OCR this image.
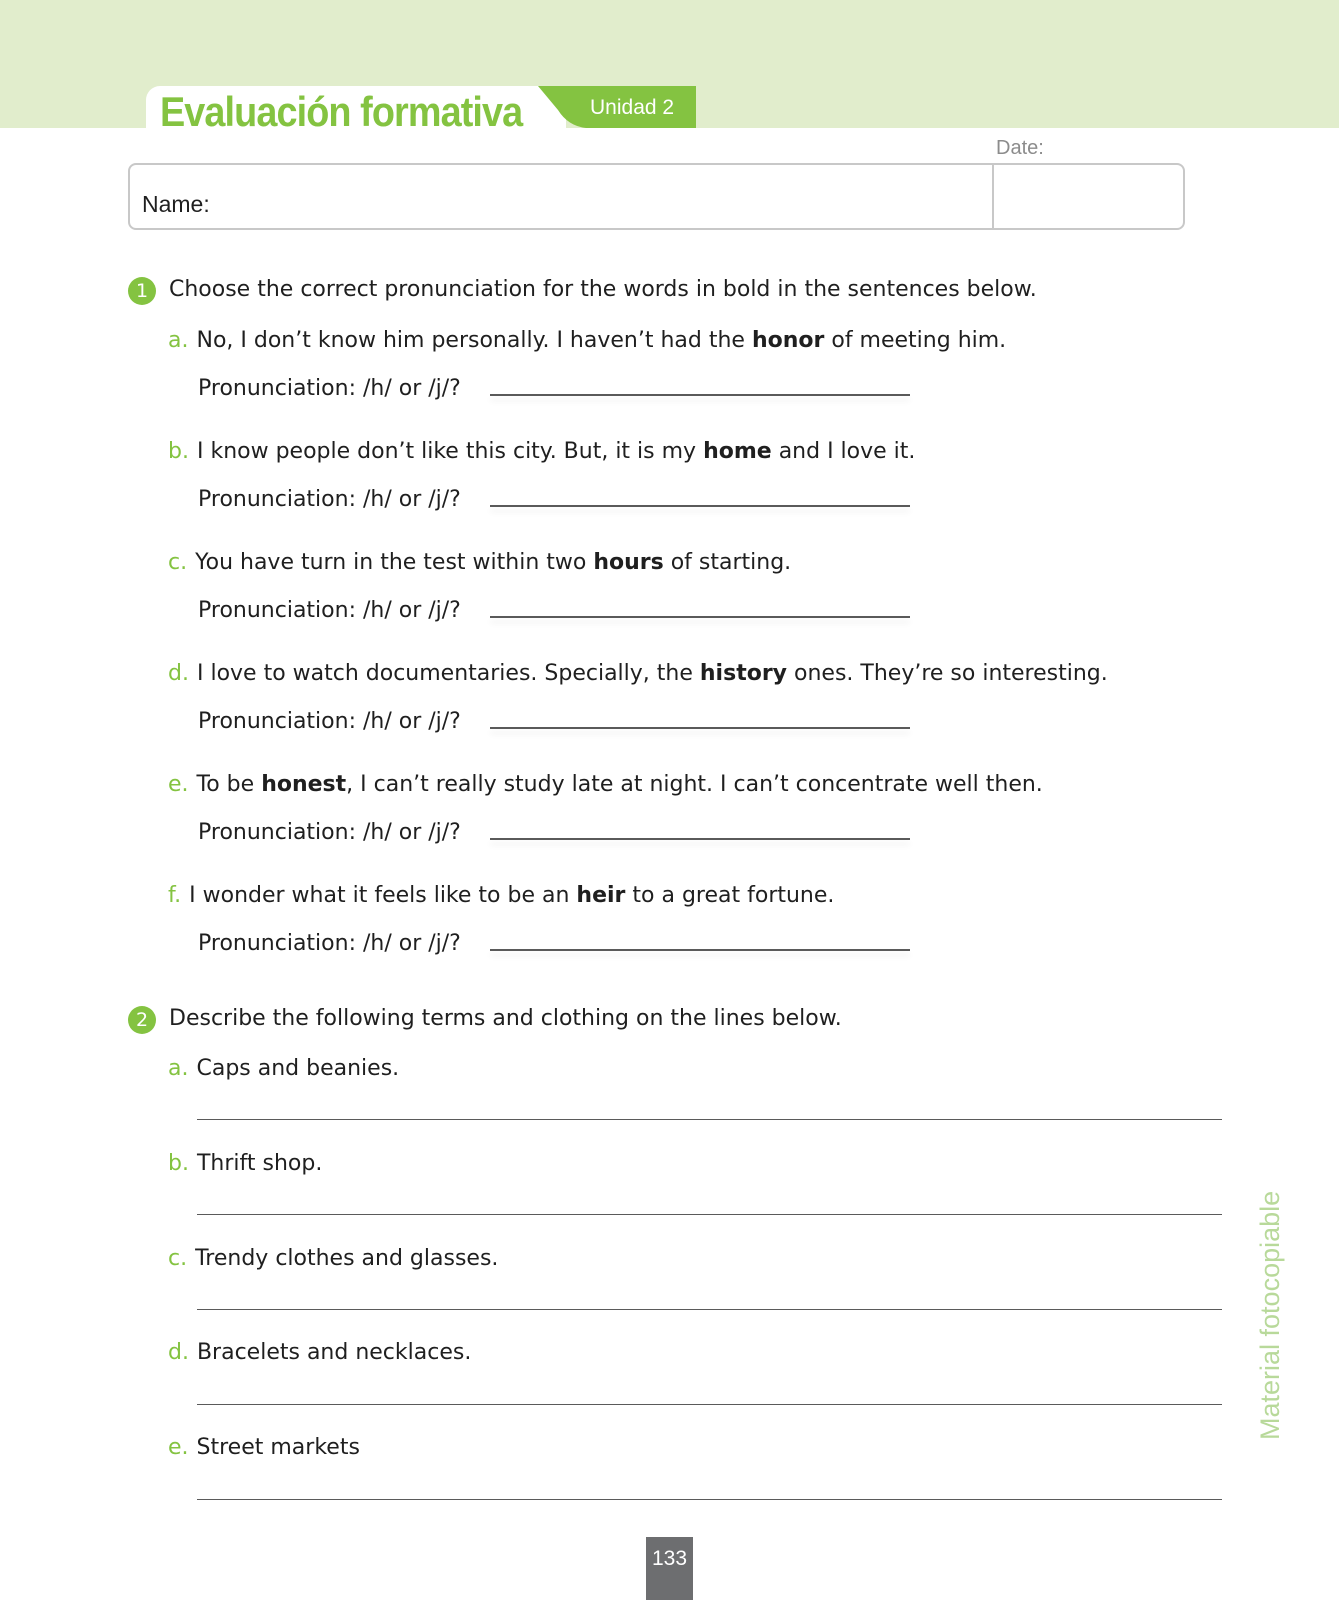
Evaluación formativa	Unidad 2
Date:
Name:
1 Choose the correct pronunciation for the words in bold in the sentences below.
a. No, I don’t know him personally. I haven’t had the honor of meeting him.
Pronunciation: /h/ or /j/?
b. I know people don’t like this city. But, it is my home and I love it.
Pronunciation: /h/ or /j/?
c. You have turn in the test within two hours of starting.
Pronunciation: /h/ or /j/?
d. I love to watch documentaries. Specially, the history ones. They’re so interesting.
Pronunciation: /h/ or /j/?
e. To be honest, I can’t really study late at night. I can’t concentrate well then.
Pronunciation: /h/ or /j/?
f. I wonder what it feels like to be an heir to a great fortune.
Pronunciation: /h/ or /j/?
2 Describe the following terms and clothing on the lines below.
a. Caps and beanies.
b. Thrift shop.
c. Trendy clothes and glasses.
d. Bracelets and necklaces.
e. Street markets
Material fotocopiable
133
